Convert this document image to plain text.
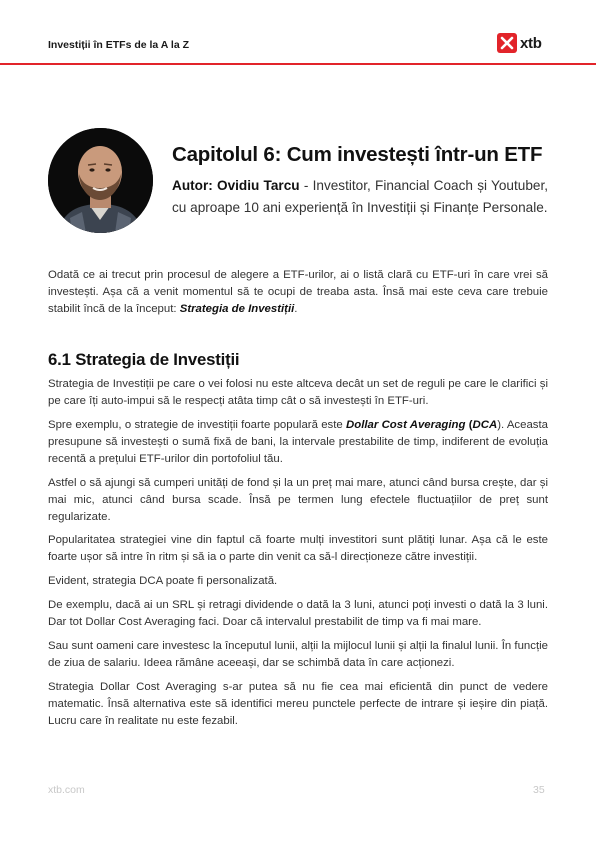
Investiții în ETFs de la A la Z	xtb
Capitolul 6: Cum investești într-un ETF

Autor: Ovidiu Tarcu - Investitor, Financial Coach și Youtuber, cu aproape 10 ani experiență în Investiții și Finanțe Personale.

Odată ce ai trecut prin procesul de alegere a ETF-urilor, ai o listă clară cu ETF-uri în care vrei să investești. Așa că a venit momentul să te ocupi de treaba asta. Însă mai este ceva care trebuie stabilit încă de la început: Strategia de Investiții.

6.1 Strategia de Investiții

Strategia de Investiții pe care o vei folosi nu este altceva decât un set de reguli pe care le clarifici și pe care îți auto-impui să le respecți atâta timp cât o să investești în ETF-uri.

Spre exemplu, o strategie de investiții foarte populară este Dollar Cost Averaging (DCA). Aceasta presupune să investești o sumă fixă de bani, la intervale prestabilite de timp, indiferent de evoluția recentă a prețului ETF-urilor din portofoliul tău.

Astfel o să ajungi să cumperi unități de fond și la un preț mai mare, atunci când bursa crește, dar și mai mic, atunci când bursa scade. Însă pe termen lung efectele fluctuațiilor de preț sunt regularizate.

Popularitatea strategiei vine din faptul că foarte mulți investitori sunt plătiți lunar. Așa că le este foarte ușor să intre în ritm și să ia o parte din venit ca să-l direcționeze către investiții.

Evident, strategia DCA poate fi personalizată.

De exemplu, dacă ai un SRL și retragi dividende o dată la 3 luni, atunci poți investi o dată la 3 luni. Dar tot Dollar Cost Averaging faci. Doar că intervalul prestabilit de timp va fi mai mare.

Sau sunt oameni care investesc la începutul lunii, alții la mijlocul lunii și alții la finalul lunii. În funcție de ziua de salariu. Ideea rămâne aceeași, dar se schimbă data în care acționezi.

Strategia Dollar Cost Averaging s-ar putea să nu fie cea mai eficientă din punct de vedere matematic. Însă alternativa este să identifici mereu punctele perfecte de intrare și ieșire din piață. Lucru care în realitate nu este fezabil.

xtb.com	35
